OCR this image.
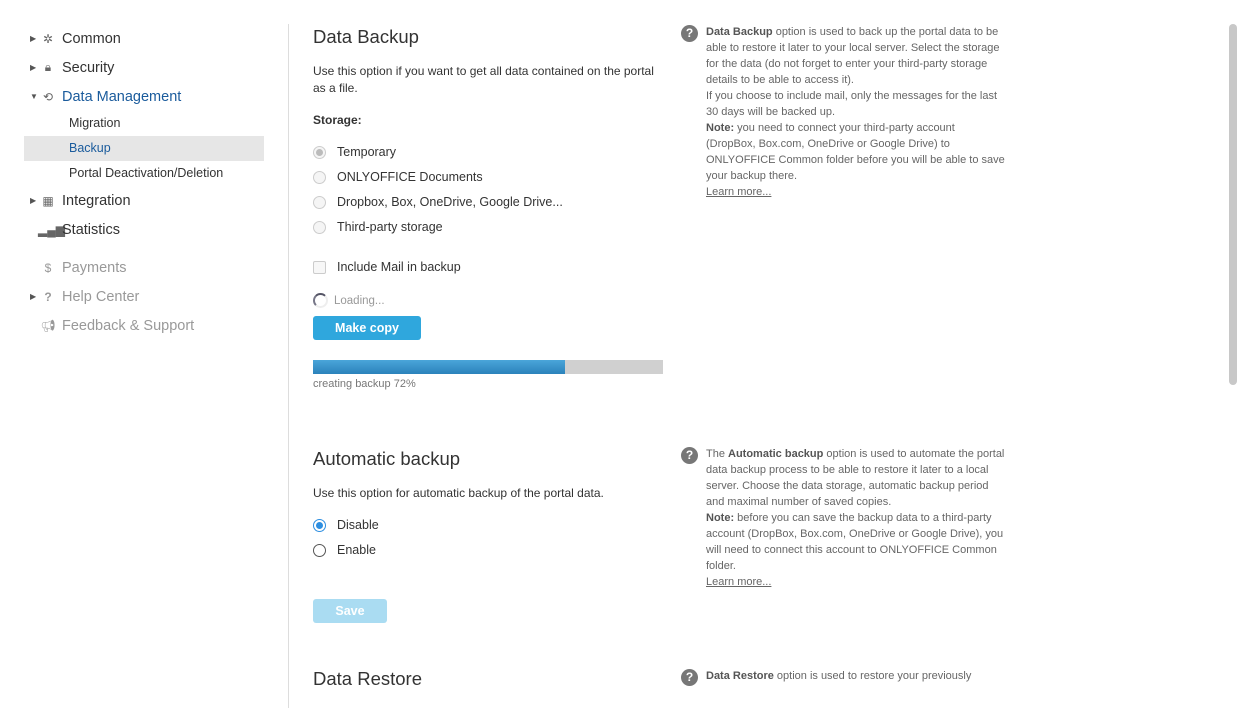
▶ ✲ Common
▶ 🔒︎ Security
▼ ⟲ Data Management
Migration
Backup
Portal Deactivation/Deletion
▶ ▦ Integration
▂▄▆
Statistics
$ Payments
▶ ? Help Center
📢︎ Feedback & Support
Data Backup
Use this option if you want to get all data contained on the portal as a file.
Storage:
Temporary
ONLYOFFICE Documents
Dropbox, Box, OneDrive, Google Drive...
Third-party storage
Include Mail in backup
Loading...
Make copy
creating backup 72%
Automatic backup
Use this option for automatic backup of the portal data.
Disable
Enable
Save
Data Restore
?	Data Backup option is used to back up the portal data to be able to restore it later to your local server. Select the storage for the data (do not forget to enter your third-party storage details to be able to access it).
If you choose to include mail, only the messages for the last 30 days will be backed up.
Note: you need to connect your third-party account (DropBox, Box.com, OneDrive or Google Drive) to ONLYOFFICE Common folder before you will be able to save your backup there.
Learn more...
?	The Automatic backup option is used to automate the portal data backup process to be able to restore it later to a local server. Choose the data storage, automatic backup period and maximal number of saved copies.
Note: before you can save the backup data to a third-party account (DropBox, Box.com, OneDrive or Google Drive), you will need to connect this account to ONLYOFFICE Common folder.
Learn more...
?	Data Restore option is used to restore your previously
